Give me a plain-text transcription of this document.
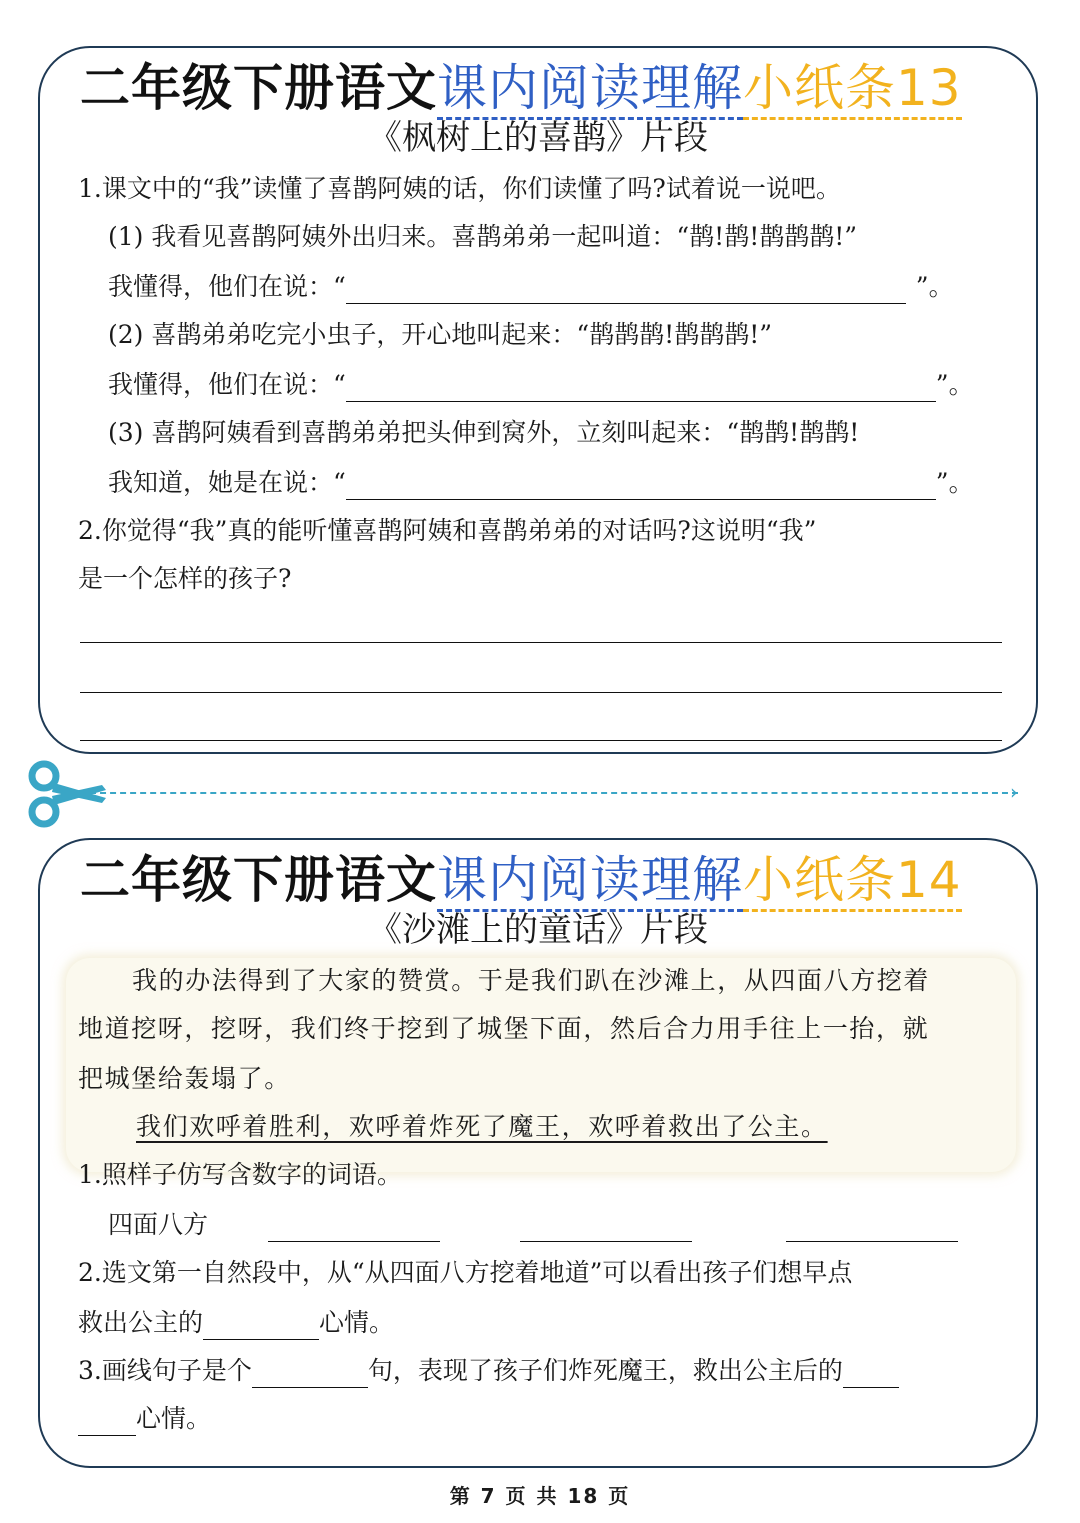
二年级下册语文课内阅读理解小纸条13
《枫树上的喜鹊》片段
1.课文中的“我”读懂了喜鹊阿姨的话，你们读懂了吗?试着说一说吧。
(1) 我看见喜鹊阿姨外出归来。喜鹊弟弟一起叫道：“鹊!鹊!鹊鹊鹊!”
我懂得，他们在说：“	”。
(2) 喜鹊弟弟吃完小虫子，开心地叫起来：“鹊鹊鹊!鹊鹊鹊!”
我懂得，他们在说：“	”。
(3) 喜鹊阿姨看到喜鹊弟弟把头伸到窝外，立刻叫起来：“鹊鹊!鹊鹊!
我知道，她是在说：“	”。
2.你觉得“我”真的能听懂喜鹊阿姨和喜鹊弟弟的对话吗?这说明“我”
是一个怎样的孩子?
›
二年级下册语文课内阅读理解小纸条14
《沙滩上的童话》片段
我的办法得到了大家的赞赏。于是我们趴在沙滩上，从四面八方挖着
地道挖呀，挖呀，我们终于挖到了城堡下面，然后合力用手往上一抬，就
把城堡给轰塌了。
我们欢呼着胜利，欢呼着炸死了魔王，欢呼着救出了公主。
1.照样子仿写含数字的词语。
四面八方
2.选文第一自然段中，从“从四面八方挖着地道”可以看出孩子们想早点
救出公主的	心情。
3.画线句子是个	句，表现了孩子们炸死魔王，救出公主后的
心情。
第 7 页 共 18 页
